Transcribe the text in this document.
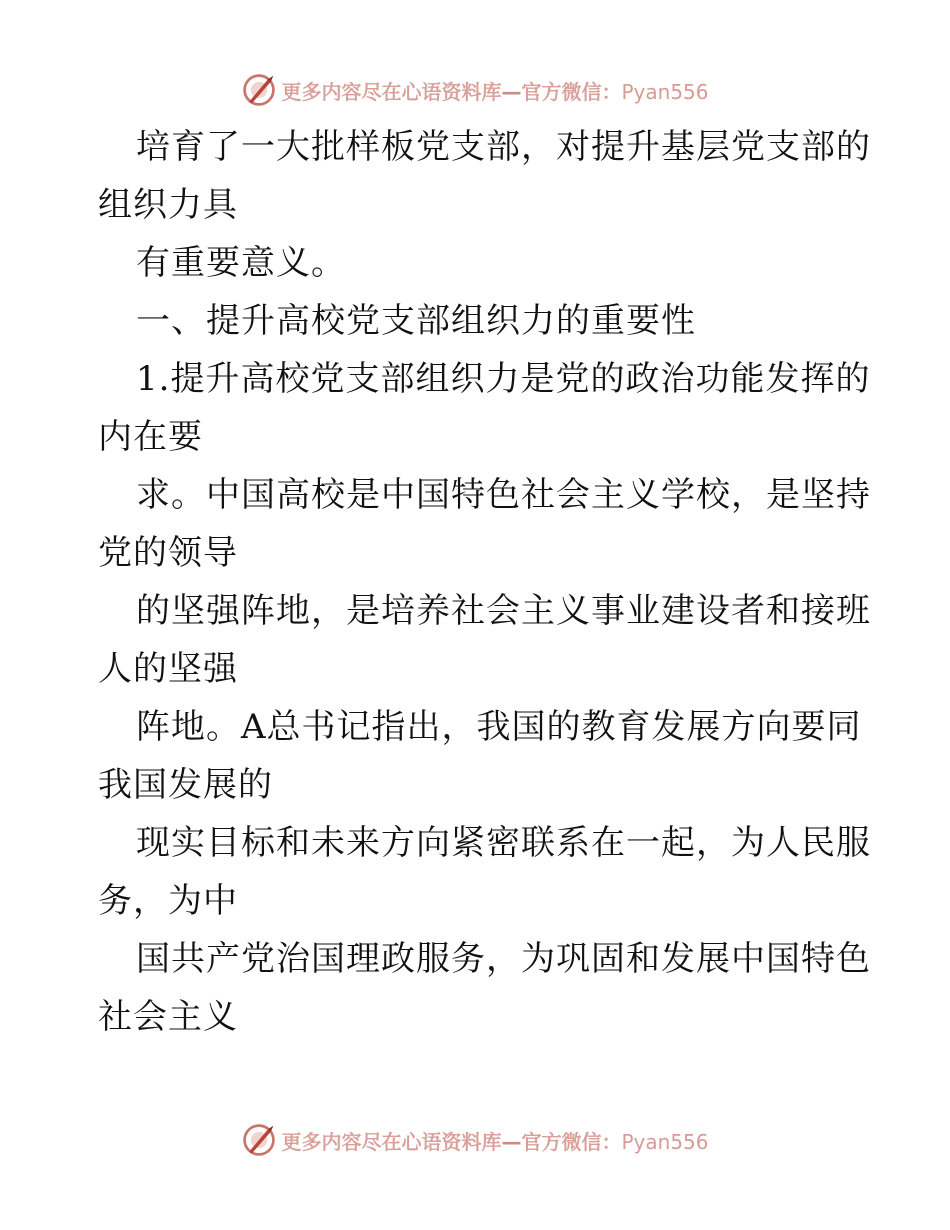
更多内容尽在心语资料库—官方微信：Pyan556
培育了一大批样板党支部，对提升基层党支部的
组织力具
有重要意义。
一、提升高校党支部组织力的重要性
1.提升高校党支部组织力是党的政治功能发挥的
内在要
求。中国高校是中国特色社会主义学校，是坚持
党的领导
的坚强阵地，是培养社会主义事业建设者和接班
人的坚强
阵地。A总书记指出，我国的教育发展方向要同
我国发展的
现实目标和未来方向紧密联系在一起，为人民服
务，为中
国共产党治国理政服务，为巩固和发展中国特色
社会主义
更多内容尽在心语资料库—官方微信：Pyan556
